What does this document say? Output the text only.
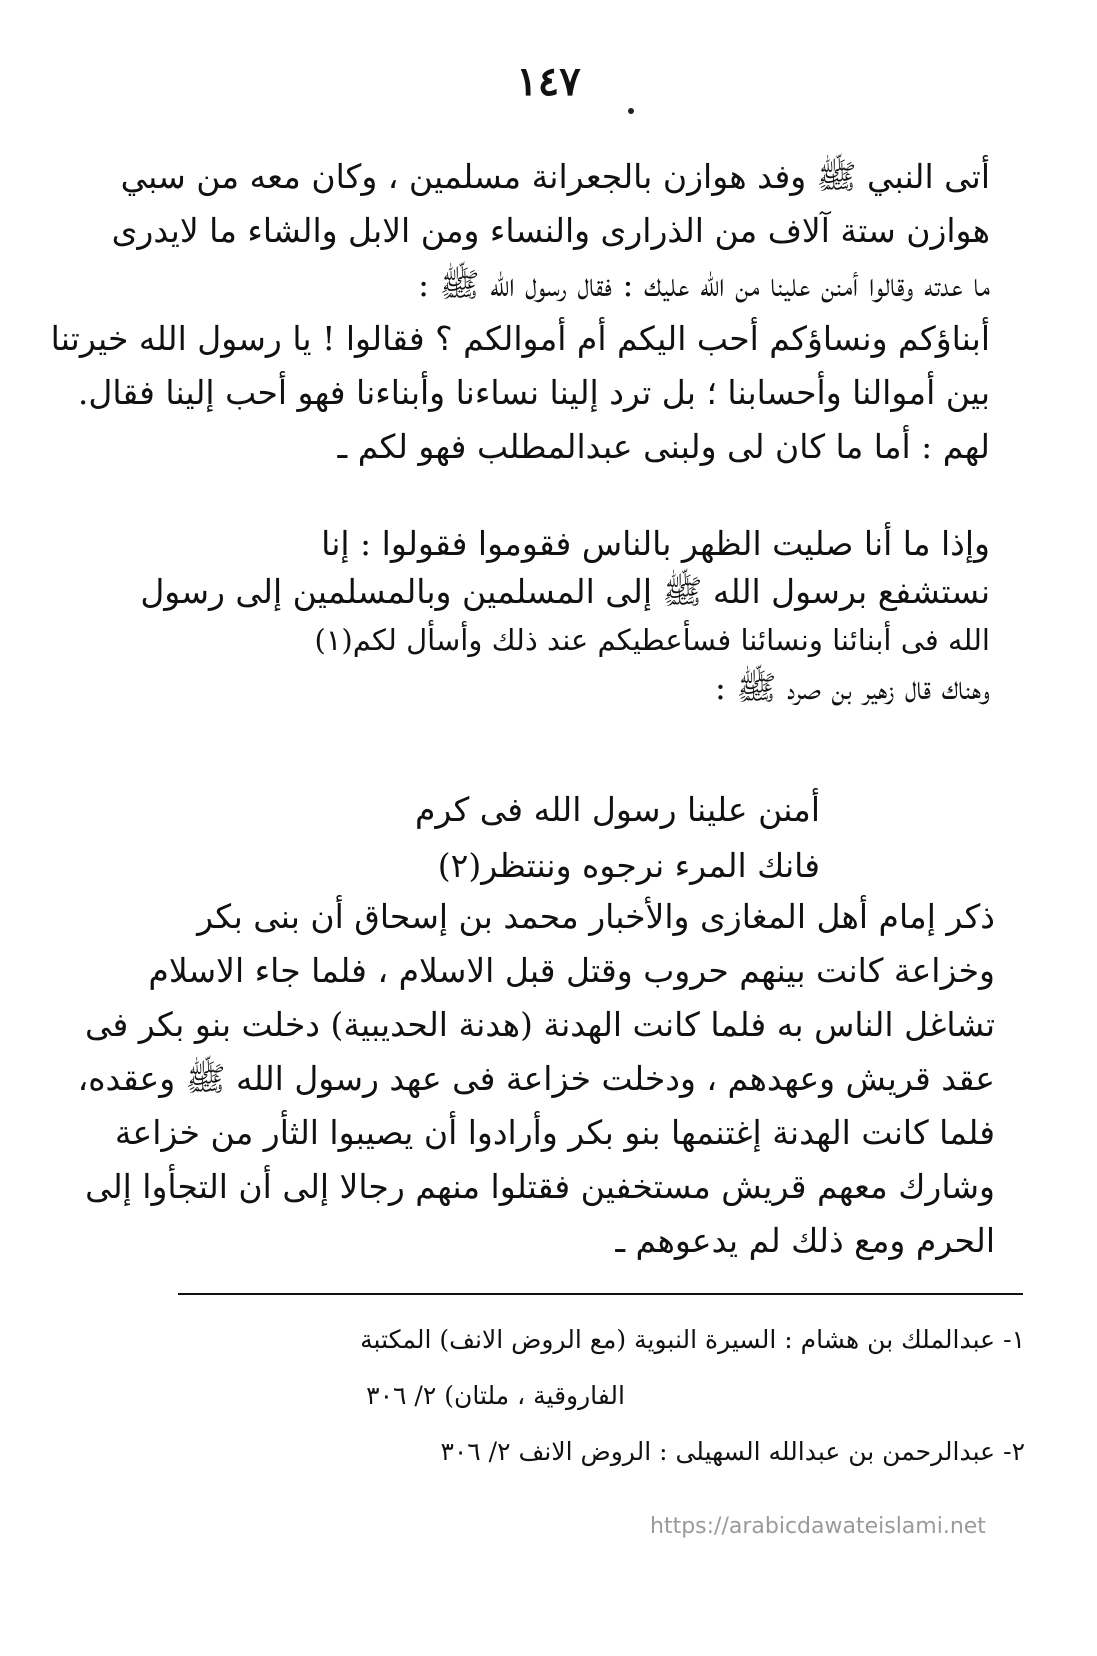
١٤٧
أتى النبي ﷺ وفد هوازن بالجعرانة مسلمين ، وكان معه من سبي
هوازن ستة آلاف من الذرارى والنساء ومن الابل والشاء ما لايدرى
ما عدته وقالوا أمنن علينا من الله عليك : فقال رسول الله ﷺ :
أبناؤكم ونساؤكم أحب اليكم أم أموالكم ؟ فقالوا ! يا رسول الله خيرتنا
بين أموالنا وأحسابنا ؛ بل ترد إلينا نساءنا وأبناءنا فهو أحب إلينا فقال.
لهم : أما ما كان لى ولبنى عبدالمطلب فهو لكم ـ
وإذا ما أنا صليت الظهر بالناس فقوموا فقولوا : إنا
نستشفع برسول الله ﷺ إلى المسلمين وبالمسلمين إلى رسول
الله فى أبنائنا ونسائنا فسأعطيكم عند ذلك وأسأل لكم(١)
وهناك قال زهير بن صرد ﷺ :
أمنن علينا رسول الله فى كرم
فانك المرء نرجوه وننتظر(٢)
ذكر إمام أهل المغازى والأخبار محمد بن إسحاق أن بنى بكر
وخزاعة كانت بينهم حروب وقتل قبل الاسلام ، فلما جاء الاسلام
تشاغل الناس به فلما كانت الهدنة (هدنة الحديبية) دخلت بنو بكر فى
عقد قريش وعهدهم ، ودخلت خزاعة فى عهد رسول الله ﷺ وعقده،
فلما كانت الهدنة إغتنمها بنو بكر وأرادوا أن يصيبوا الثأر من خزاعة
وشارك معهم قريش مستخفين فقتلوا منهم رجالا إلى أن التجأوا إلى
الحرم ومع ذلك لم يدعوهم ـ
١- عبدالملك بن هشام : السيرة النبوية (مع الروض الانف) المكتبة
الفاروقية ، ملتان) ٢/ ٣٠٦
٢- عبدالرحمن بن عبدالله السهيلى : الروض الانف ٢/ ٣٠٦
https://arabicdawateislami.net
